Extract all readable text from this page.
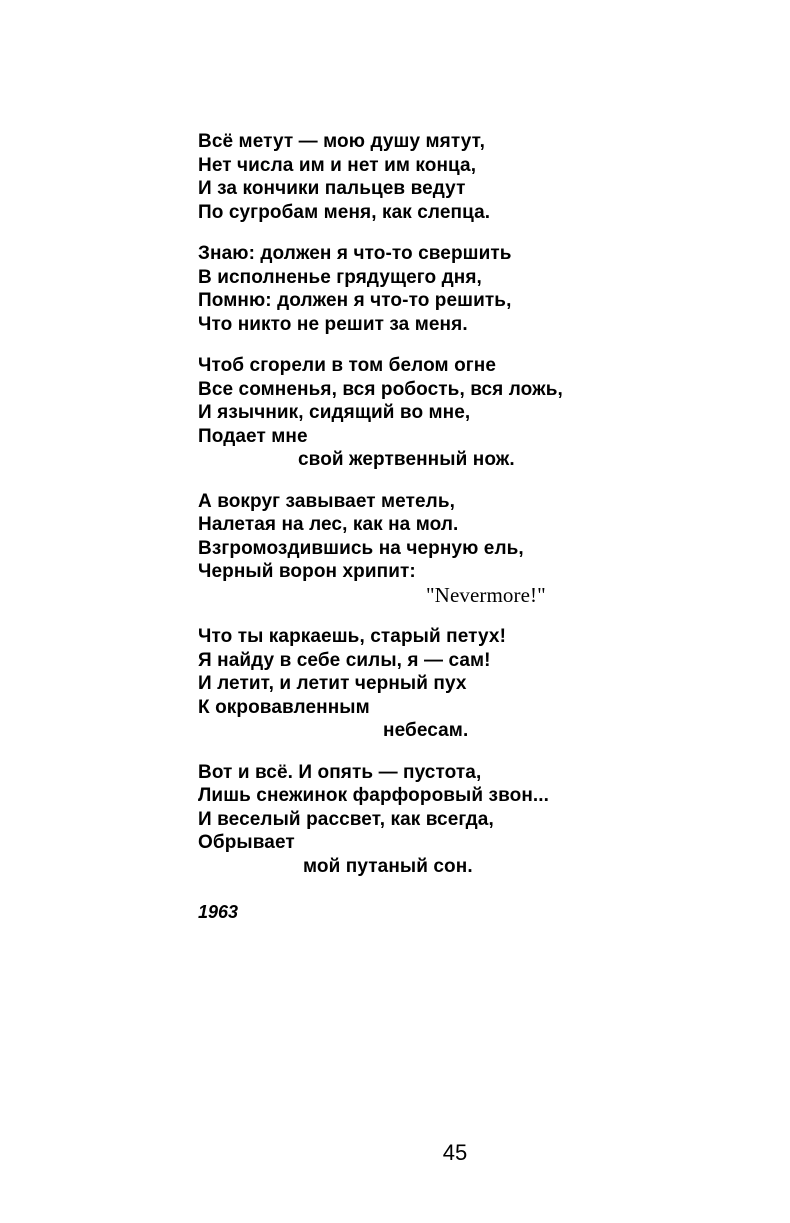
Всё метут — мою душу мятут,
Нет числа им и нет им конца,
И за кончики пальцев ведут
По сугробам меня, как слепца.
Знаю: должен я что-то свершить
В исполненье грядущего дня,
Помню: должен я что-то решить,
Что никто не решит за меня.
Чтоб сгорели в том белом огне
Все сомненья, вся робость, вся ложь,
И язычник, сидящий во мне,
Подает мне
свой жертвенный нож.
А вокруг завывает метель,
Налетая на лес, как на мол.
Взгромоздившись на черную ель,
Черный ворон хрипит:
"Nevermore!"
Что ты каркаешь, старый петух!
Я найду в себе силы, я — сам!
И летит, и летит черный пух
К окровавленным
небесам.
Вот и всё. И опять — пустота,
Лишь снежинок фарфоровый звон...
И веселый рассвет, как всегда,
Обрывает
мой путаный сон.
1963
45
